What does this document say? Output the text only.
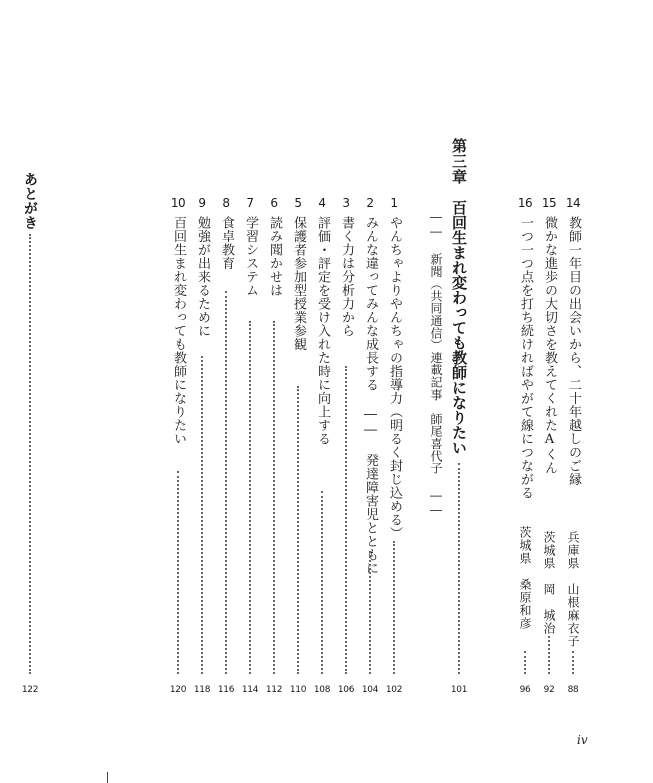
14
教師一年目の出会いから、二十年越しのご縁
兵庫県　山根麻衣子
88
15
微かな進歩の大切さを教えてくれたAくん
茨城県　岡　城治
92
16
一つ一つ点を打ち続ければやがて線につながる
茨城県　桑原和彦
96
第三章
百回生まれ変わっても教師になりたい
101
―― 新聞（共同通信）連載記事　師尾喜代子 ――
1
やんちゃよりやんちゃの指導力（明るく封じ込める）
102
2
みんな違ってみんな成長する ―― 発達障害児とともに
104
3
書く力は分析力から
106
4
評価・評定を受け入れた時に向上する
108
5
保護者参加型授業参観
110
6
読み聞かせは
112
7
学習システム
114
8
食卓教育
116
9
勉強が出来るために
118
10
百回生まれ変わっても教師になりたい
120
あとがき
122
iv
